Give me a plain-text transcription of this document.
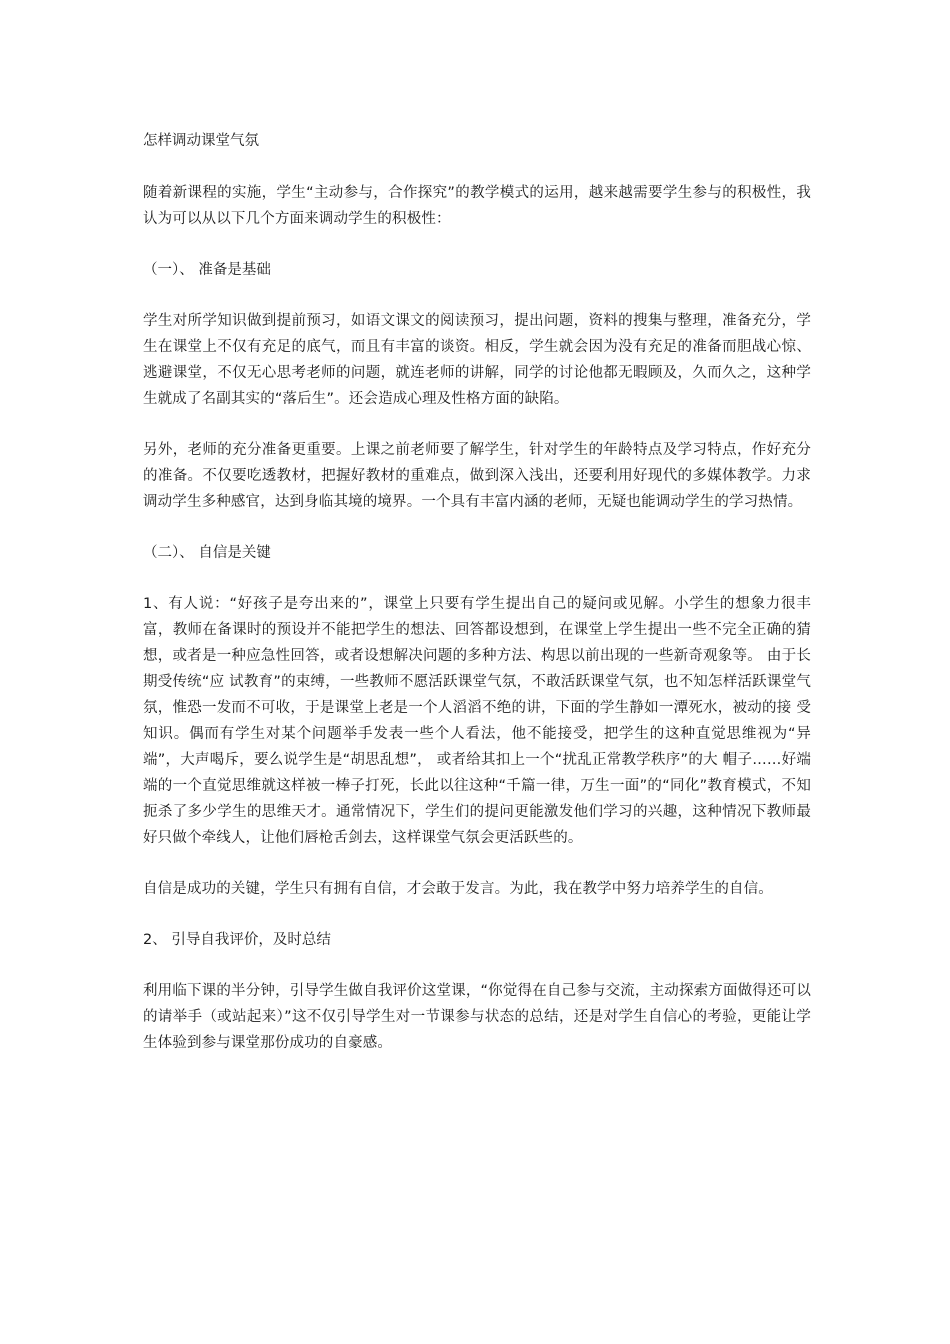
怎样调动课堂气氛

随着新课程的实施，学生“主动参与，合作探究”的教学模式的运用，越来越需要学生参与的积极性，我认为可以从以下几个方面来调动学生的积极性：

（一）、 准备是基础

学生对所学知识做到提前预习，如语文课文的阅读预习，提出问题，资料的搜集与整理，准备充分，学生在课堂上不仅有充足的底气，而且有丰富的谈资。相反，学生就会因为没有充足的准备而胆战心惊、逃避课堂，不仅无心思考老师的问题，就连老师的讲解，同学的讨论他都无暇顾及，久而久之，这种学生就成了名副其实的“落后生”。还会造成心理及性格方面的缺陷。

另外，老师的充分准备更重要。上课之前老师要了解学生，针对学生的年龄特点及学习特点，作好充分的准备。不仅要吃透教材，把握好教材的重难点，做到深入浅出，还要利用好现代的多媒体教学。力求调动学生多种感官，达到身临其境的境界。一个具有丰富内涵的老师，无疑也能调动学生的学习热情。

（二）、 自信是关键

1、有人说：“好孩子是夸出来的”，课堂上只要有学生提出自己的疑问或见解。小学生的想象力很丰富，教师在备课时的预设并不能把学生的想法、回答都设想到，在课堂上学生提出一些不完全正确的猜想，或者是一种应急性回答，或者设想解决问题的多种方法、构思以前出现的一些新奇观象等。 由于长期受传统“应 试教育”的束缚，一些教师不愿活跃课堂气氛，不敢活跃课堂气氛，也不知怎样活跃课堂气氛，惟恐一发而不可收，于是课堂上老是一个人滔滔不绝的讲，下面的学生静如一潭死水，被动的接 受知识。偶而有学生对某个问题举手发表一些个人看法，他不能接受，把学生的这种直觉思维视为“异端”，大声喝斥，要么说学生是“胡思乱想”， 或者给其扣上一个“扰乱正常教学秩序”的大 帽子……好端端的一个直觉思维就这样被一棒子打死，长此以往这种“千篇一律，万生一面”的“同化”教育模式，不知扼杀了多少学生的思维天才。通常情况下，学生们的提问更能激发他们学习的兴趣，这种情况下教师最好只做个牵线人，让他们唇枪舌剑去，这样课堂气氛会更活跃些的。

自信是成功的关键，学生只有拥有自信，才会敢于发言。为此，我在教学中努力培养学生的自信。

2、 引导自我评价，及时总结

利用临下课的半分钟，引导学生做自我评价这堂课，“你觉得在自己参与交流，主动探索方面做得还可以的请举手（或站起来）”这不仅引导学生对一节课参与状态的总结，还是对学生自信心的考验，更能让学生体验到参与课堂那份成功的自豪感。
